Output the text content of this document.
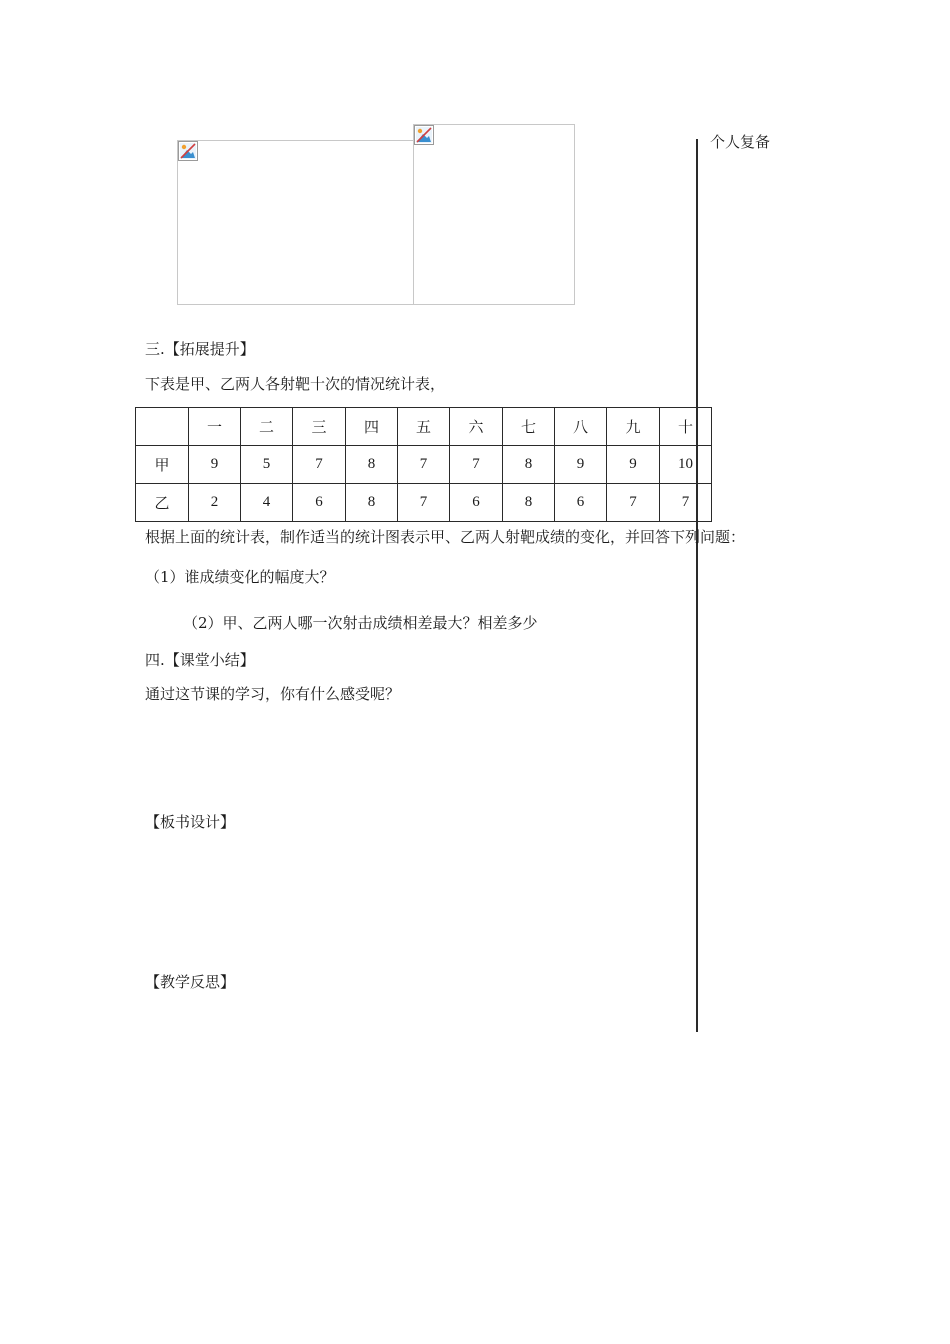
个人复备
三.【拓展提升】
下表是甲、乙两人各射靶十次的情况统计表，
	一	二	三	四	五	六	七	八	九	十
甲	9	5	7	8	7	7	8	9	9	10
乙	2	4	6	8	7	6	8	6	7	7
根据上面的统计表，制作适当的统计图表示甲、乙两人射靶成绩的变化，并回答下列问题：
（1）谁成绩变化的幅度大？
（2）甲、乙两人哪一次射击成绩相差最大？相差多少
四.【课堂小结】
通过这节课的学习，你有什么感受呢？
【板书设计】
【教学反思】
